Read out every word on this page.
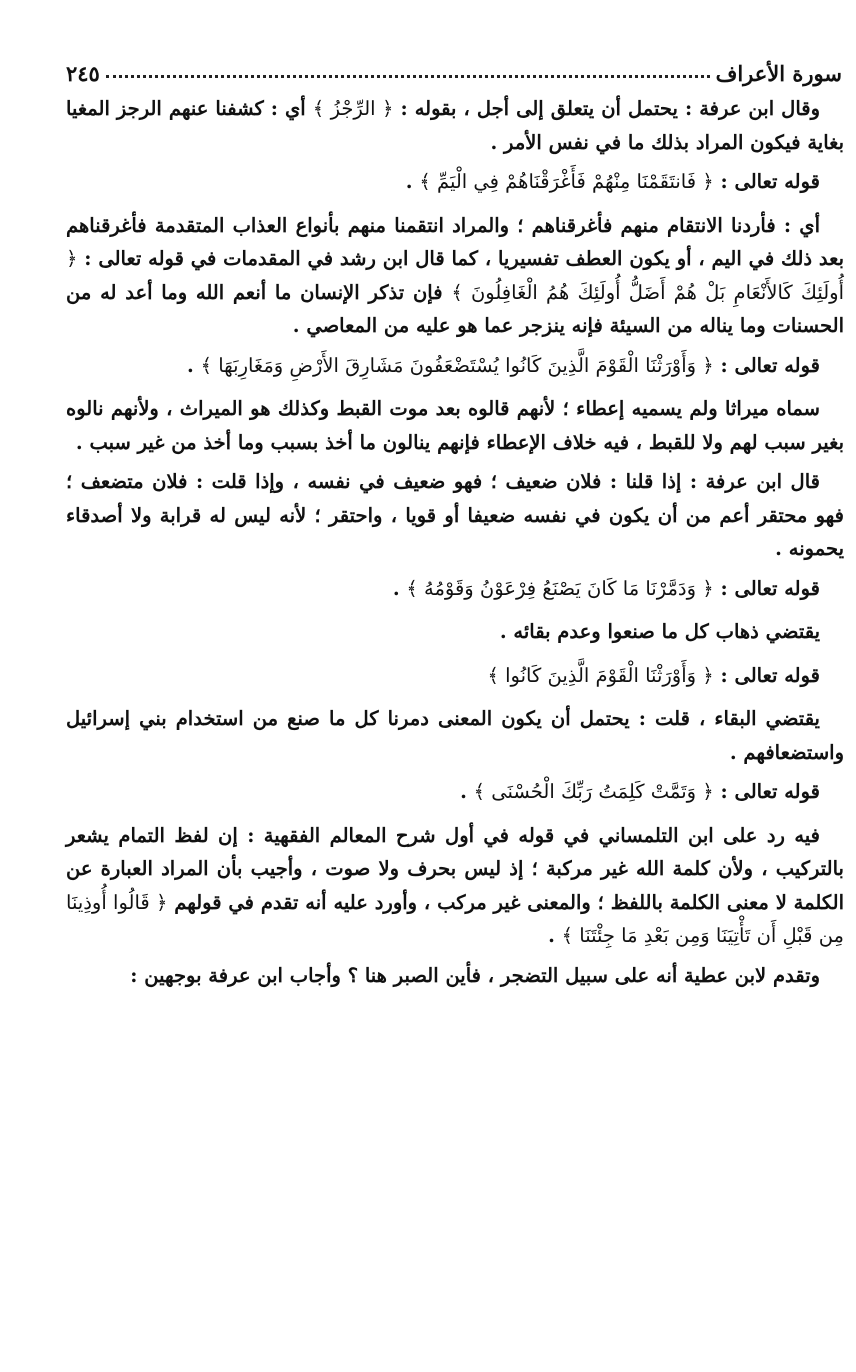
سورة الأعراف
٢٤٥

وقال ابن عرفة : يحتمل أن يتعلق إلى أجل ، بقوله : ﴿ الرِّجْزُ ﴾ أي : كشفنا عنهم الرجز المغيا بغاية فيكون المراد بذلك ما في نفس الأمر .

قوله تعالى : ﴿ فَانتَقَمْنَا مِنْهُمْ فَأَغْرَقْنَاهُمْ فِي الْيَمِّ ﴾ .

أي : فأردنا الانتقام منهم فأغرقناهم ؛ والمراد انتقمنا منهم بأنواع العذاب المتقدمة فأغرقناهم بعد ذلك في اليم ، أو يكون العطف تفسيريا ، كما قال ابن رشد في المقدمات في قوله تعالى : ﴿ أُولَئِكَ كَالأَنْعَامِ بَلْ هُمْ أَضَلُّ أُولَئِكَ هُمُ الْغَافِلُونَ ﴾ فإن تذكر الإنسان ما أنعم الله وما أعد له من الحسنات وما يناله من السيئة فإنه ينزجر عما هو عليه من المعاصي .

قوله تعالى : ﴿ وَأَوْرَثْنَا الْقَوْمَ الَّذِينَ كَانُوا يُسْتَضْعَفُونَ مَشَارِقَ الأَرْضِ وَمَغَارِبَهَا ﴾ .

سماه ميراثا ولم يسميه إعطاء ؛ لأنهم قالوه بعد موت القبط وكذلك هو الميراث ، ولأنهم نالوه بغير سبب لهم ولا للقبط ، فيه خلاف الإعطاء فإنهم ينالون ما أخذ بسبب وما أخذ من غير سبب .

قال ابن عرفة : إذا قلنا : فلان ضعيف ؛ فهو ضعيف في نفسه ، وإذا قلت : فلان متضعف ؛ فهو محتقر أعم من أن يكون في نفسه ضعيفا أو قويا ، واحتقر ؛ لأنه ليس له قرابة ولا أصدقاء يحمونه .

قوله تعالى : ﴿ وَدَمَّرْنَا مَا كَانَ يَصْنَعُ فِرْعَوْنُ وَقَوْمُهُ ﴾ .

يقتضي ذهاب كل ما صنعوا وعدم بقائه .

قوله تعالى : ﴿ وَأَوْرَثْنَا الْقَوْمَ الَّذِينَ كَانُوا ﴾

يقتضي البقاء ، قلت : يحتمل أن يكون المعنى دمرنا كل ما صنع من استخدام بني إسرائيل واستضعافهم .

قوله تعالى : ﴿ وَتَمَّتْ كَلِمَتُ رَبِّكَ الْحُسْنَى ﴾ .

فيه رد على ابن التلمساني في قوله في أول شرح المعالم الفقهية : إن لفظ التمام يشعر بالتركيب ، ولأن كلمة الله غير مركبة ؛ إذ ليس بحرف ولا صوت ، وأجيب بأن المراد العبارة عن الكلمة لا معنى الكلمة باللفظ ؛ والمعنى غير مركب ، وأورد عليه أنه تقدم في قولهم ﴿ قَالُوا أُوذِينَا مِن قَبْلِ أَن تَأْتِيَنَا وَمِن بَعْدِ مَا جِئْتَنَا ﴾ .

وتقدم لابن عطية أنه على سبيل التضجر ، فأين الصبر هنا ؟ وأجاب ابن عرفة بوجهين :
